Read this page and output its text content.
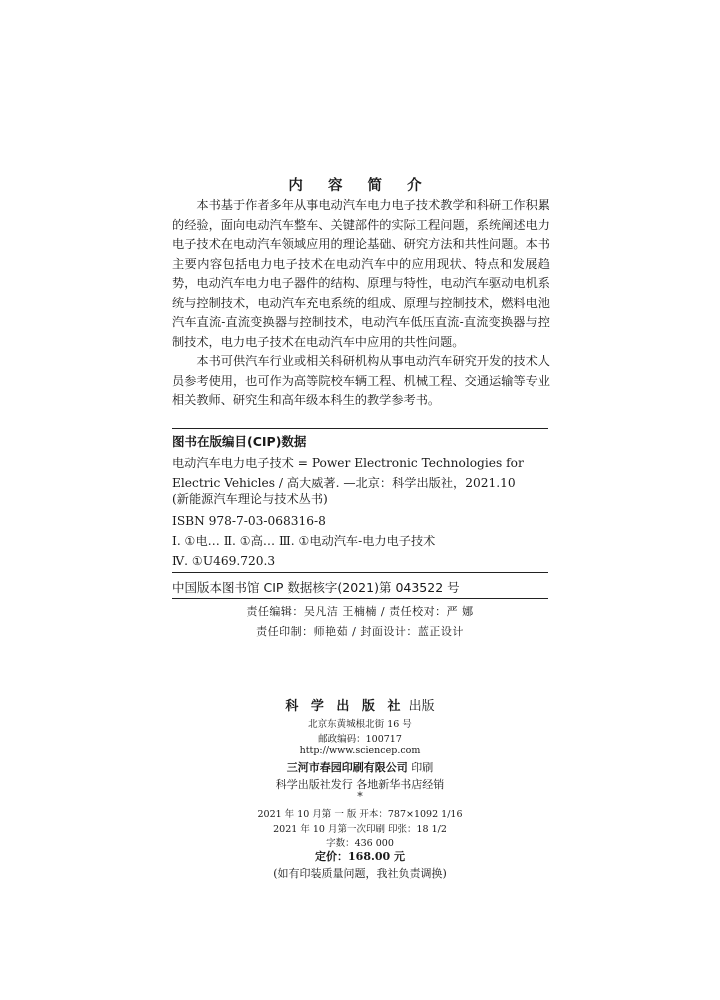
内 容 简 介

本书基于作者多年从事电动汽车电力电子技术教学和科研工作积累的经验，面向电动汽车整车、关键部件的实际工程问题，系统阐述电力电子技术在电动汽车领域应用的理论基础、研究方法和共性问题。本书主要内容包括电力电子技术在电动汽车中的应用现状、特点和发展趋势，电动汽车电力电子器件的结构、原理与特性，电动汽车驱动电机系统与控制技术，电动汽车充电系统的组成、原理与控制技术，燃料电池汽车直流-直流变换器与控制技术，电动汽车低压直流-直流变换器与控制技术，电力电子技术在电动汽车中应用的共性问题。

本书可供汽车行业或相关科研机构从事电动汽车研究开发的技术人员参考使用，也可作为高等院校车辆工程、机械工程、交通运输等专业相关教师、研究生和高年级本科生的教学参考书。

图书在版编目(CIP)数据
电动汽车电力电子技术 = Power Electronic Technologies for Electric Vehicles / 高大威著. —北京：科学出版社，2021.10
(新能源汽车理论与技术丛书)
ISBN 978-7-03-068316-8
Ⅰ. ①电… Ⅱ. ①高… Ⅲ. ①电动汽车-电力电子技术
Ⅳ. ①U469.720.3
中国版本图书馆 CIP 数据核字(2021)第 043522 号
责任编辑：吴凡洁 王楠楠 / 责任校对：严 娜
责任印制：师艳茹 / 封面设计：蓝正设计
科 学 出 版 社 出版
北京东黄城根北街 16 号
邮政编码：100717
http://www.sciencep.com
三河市春园印刷有限公司 印刷
科学出版社发行 各地新华书店经销
*
2021 年 10 月第 一 版 开本：787×1092 1/16
2021 年 10 月第一次印刷 印张：18 1/2
字数：436 000
定价：168.00 元
(如有印装质量问题，我社负责调换)
